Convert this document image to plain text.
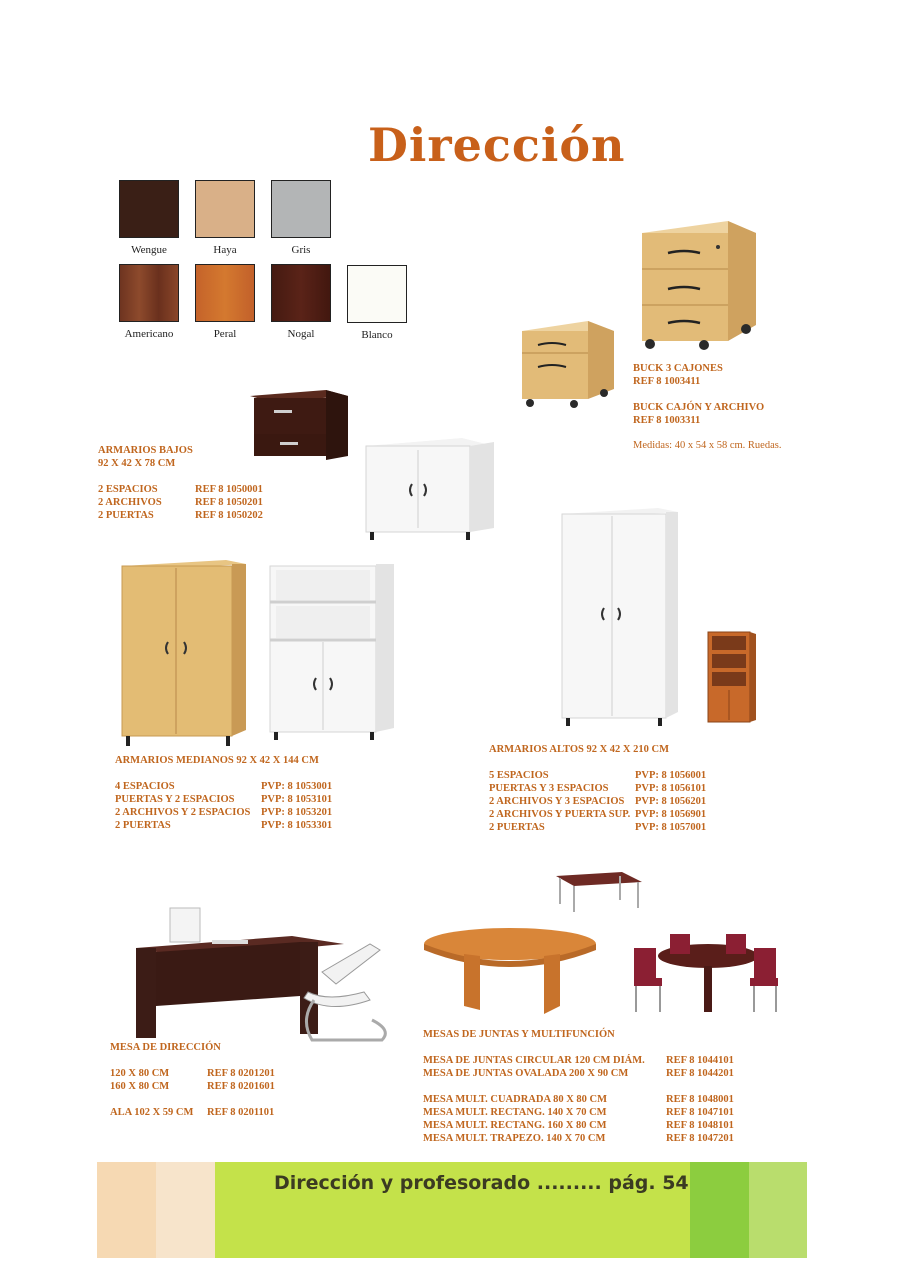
Dirección
Wengue	Haya	Gris
Americano	Peral	Nogal	Blanco
BUCK 3 CAJONES
REF 8 1003411
BUCK CAJÓN Y ARCHIVO
REF 8 1003311
Medidas: 40 x 54 x 58 cm. Ruedas.
ARMARIOS BAJOS
92 X 42 X 78 CM
2 ESPACIOS	REF 8 1050001
2 ARCHIVOS	REF 8 1050201
2 PUERTAS	REF 8 1050202
ARMARIOS MEDIANOS 92 X 42 X 144 CM
4 ESPACIOS	PVP: 8 1053001
PUERTAS Y 2 ESPACIOS	PVP: 8 1053101
2 ARCHIVOS Y 2 ESPACIOS PVP: 8 1053201
2 PUERTAS	PVP: 8 1053301
ARMARIOS ALTOS 92 X 42 X 210 CM
5 ESPACIOS	PVP: 8 1056001
PUERTAS Y 3 ESPACIOS	PVP: 8 1056101
2 ARCHIVOS Y 3 ESPACIOS PVP: 8 1056201
2 ARCHIVOS Y PUERTA SUP. PVP: 8 1056901
2 PUERTAS	PVP: 8 1057001
MESA DE DIRECCIÓN
120 X 80 CM	REF 8 0201201
160 X 80 CM	REF 8 0201601
ALA 102 X 59 CM REF 8 0201101
MESAS DE JUNTAS Y MULTIFUNCIÓN
MESA DE JUNTAS CIRCULAR 120 CM DIÁM. REF 8 1044101
MESA DE JUNTAS OVALADA 200 X 90 CM	REF 8 1044201
MESA MULT. CUADRADA 80 X 80 CM	REF 8 1048001
MESA MULT. RECTANG. 140 X 70 CM	REF 8 1047101
MESA MULT. RECTANG. 160 X 80 CM	REF 8 1048101
MESA MULT. TRAPEZO. 140 X 70 CM	REF 8 1047201
Dirección y profesorado ......... pág. 54
